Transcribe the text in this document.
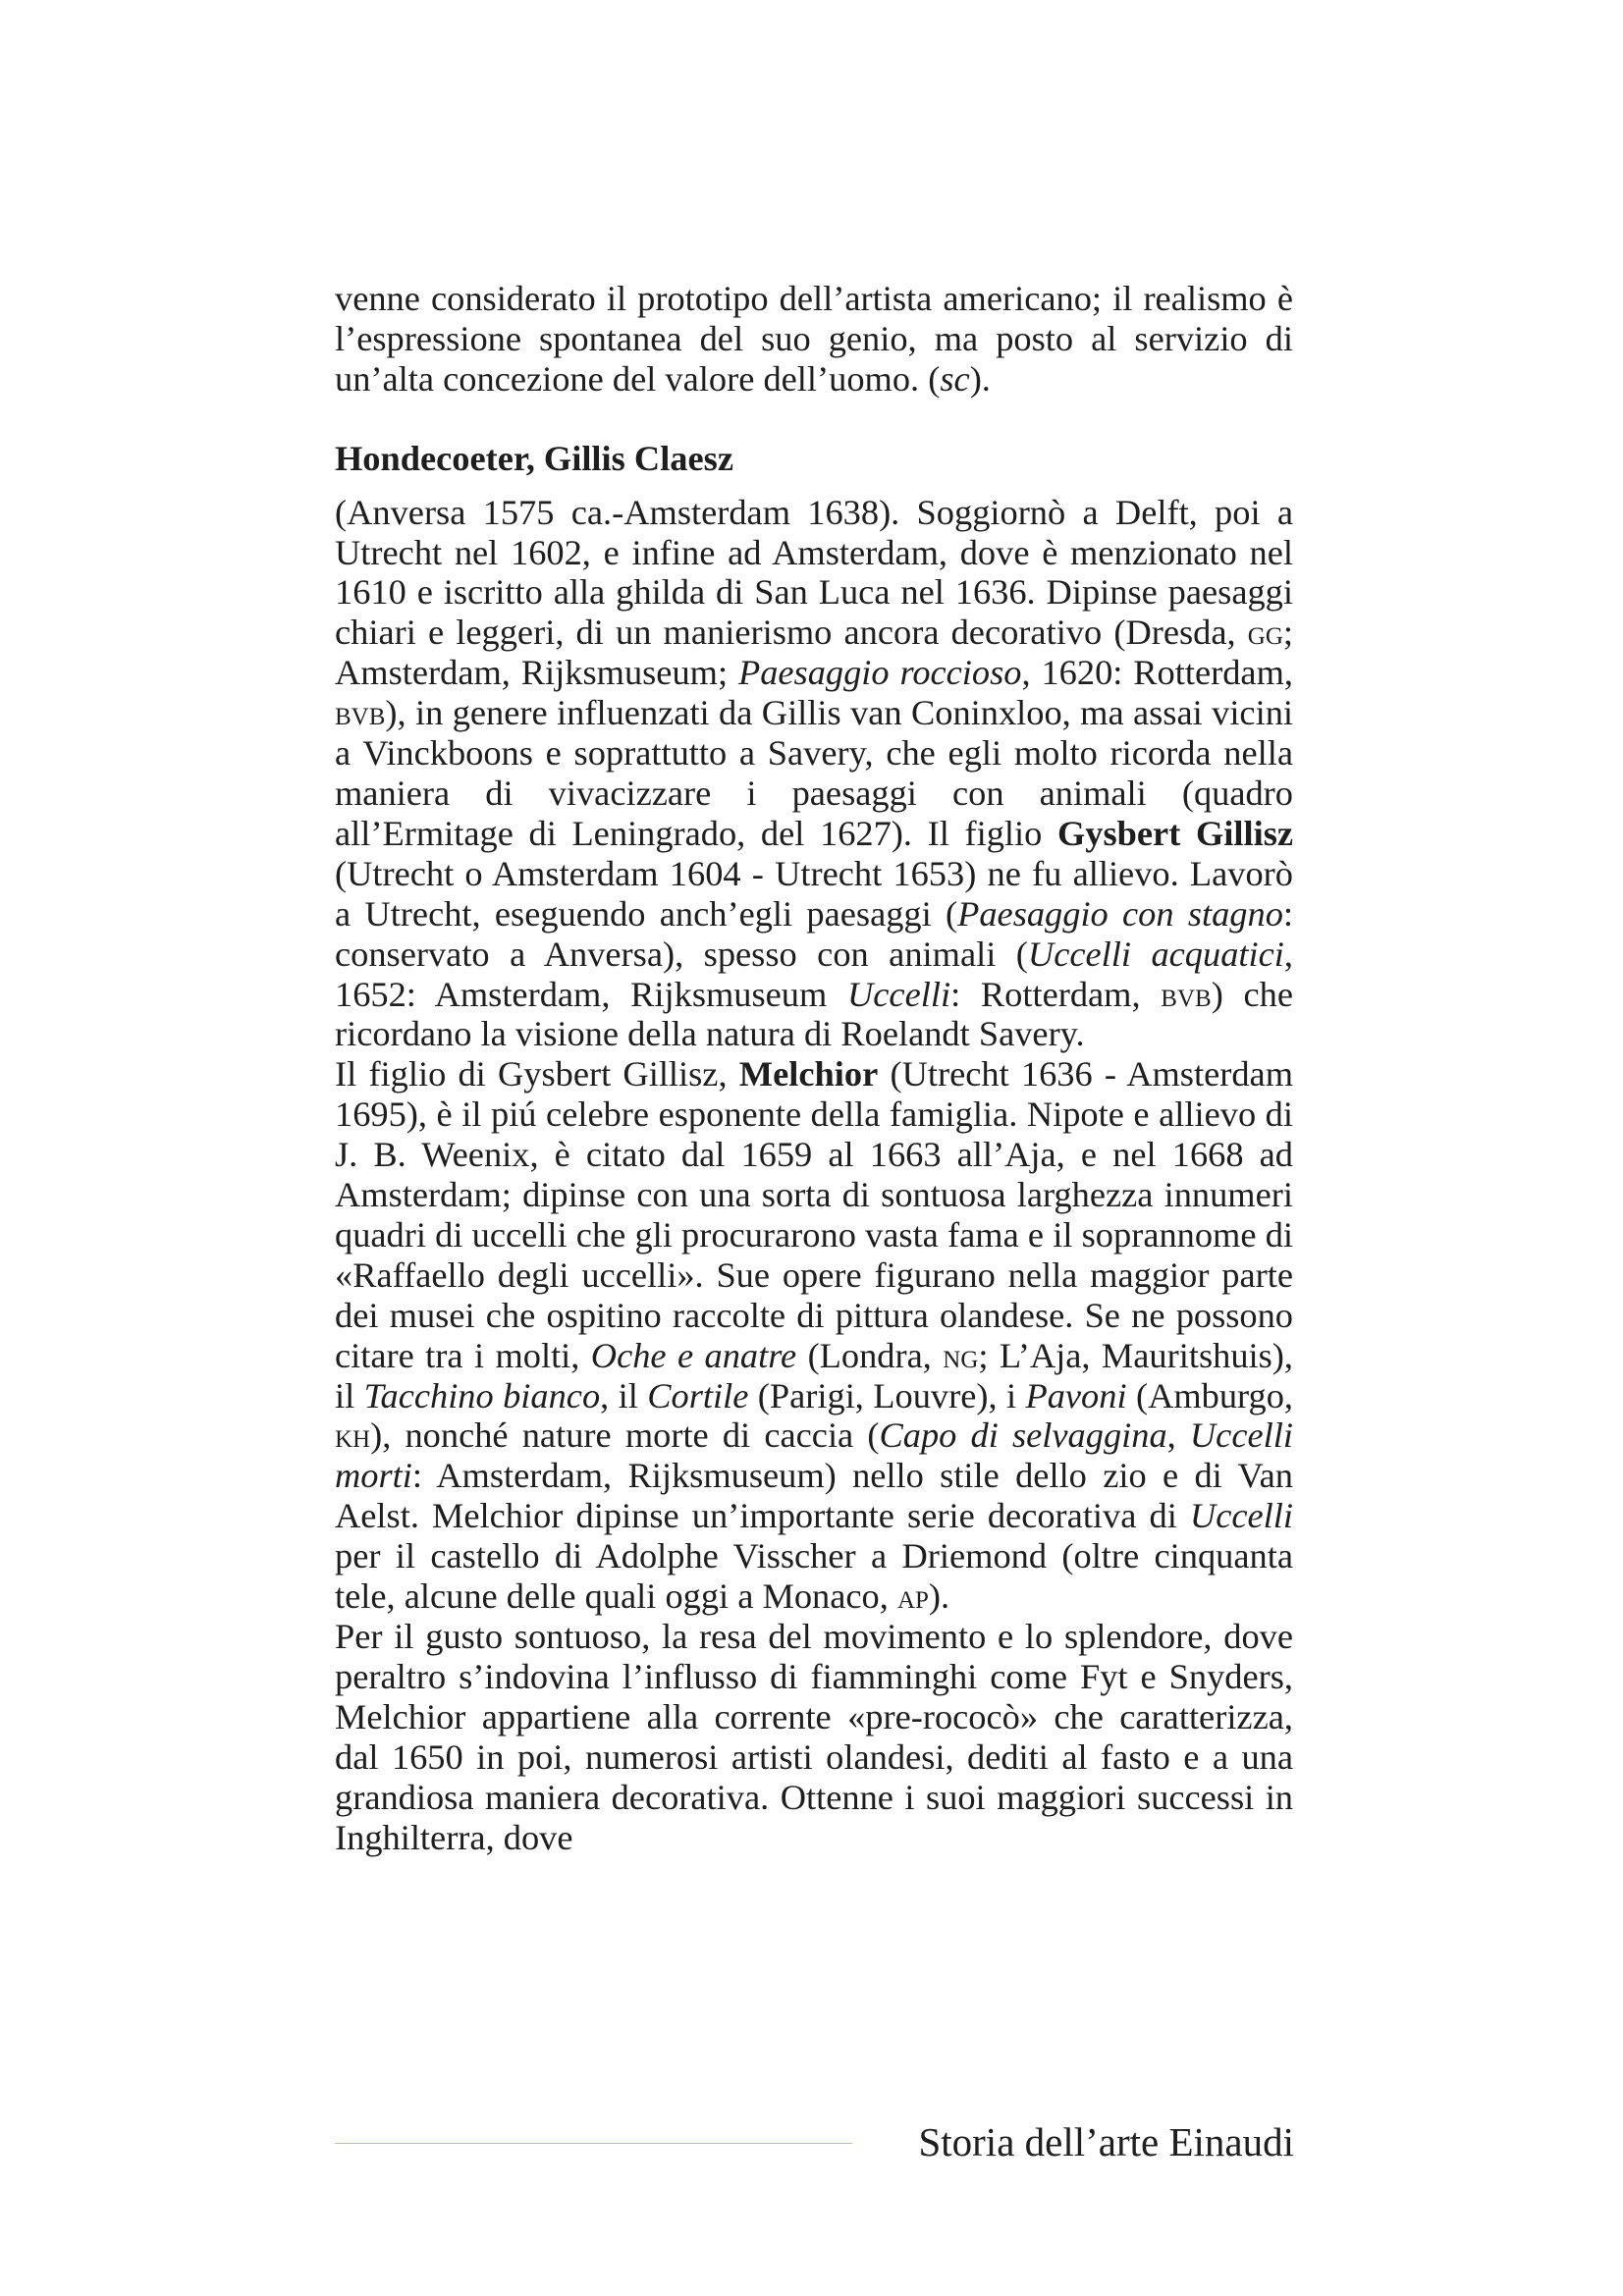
venne considerato il prototipo dell’artista americano; il realismo è l’espressione spontanea del suo genio, ma posto al servizio di un’alta concezione del valore dell’uomo. (sc).

Hondecoeter, Gillis Claesz

(Anversa 1575 ca.-Amsterdam 1638). Soggiornò a Delft, poi a Utrecht nel 1602, e infine ad Amsterdam, dove è menzionato nel 1610 e iscritto alla ghilda di San Luca nel 1636. Dipinse paesaggi chiari e leggeri, di un manierismo ancora decorativo (Dresda, gg; Amsterdam, Rijksmuseum; Paesaggio roccioso, 1620: Rotterdam, bvb), in genere influenzati da Gillis van Coninxloo, ma assai vicini a Vinckboons e soprattutto a Savery, che egli molto ricorda nella maniera di vivacizzare i paesaggi con animali (quadro all’Ermitage di Leningrado, del 1627). Il figlio Gysbert Gillisz (Utrecht o Amsterdam 1604 - Utrecht 1653) ne fu allievo. Lavorò a Utrecht, eseguendo anch’egli paesaggi (Paesaggio con stagno: conservato a Anversa), spesso con animali (Uccelli acquatici, 1652: Amsterdam, Rijksmuseum Uccelli: Rotterdam, bvb) che ricordano la visione della natura di Roelandt Savery.

Il figlio di Gysbert Gillisz, Melchior (Utrecht 1636 - Amsterdam 1695), è il piú celebre esponente della famiglia. Nipote e allievo di J. B. Weenix, è citato dal 1659 al 1663 all’Aja, e nel 1668 ad Amsterdam; dipinse con una sorta di sontuosa larghezza innumeri quadri di uccelli che gli procurarono vasta fama e il soprannome di «Raffaello degli uccelli». Sue opere figurano nella maggior parte dei musei che ospitino raccolte di pittura olandese. Se ne possono citare tra i molti, Oche e anatre (Londra, ng; L’Aja, Mauritshuis), il Tacchino bianco, il Cortile (Parigi, Louvre), i Pavoni (Amburgo, kh), nonché nature morte di caccia (Capo di selvaggina, Uccelli morti: Amsterdam, Rijksmuseum) nello stile dello zio e di Van Aelst. Melchior dipinse un’importante serie decorativa di Uccelli per il castello di Adolphe Visscher a Driemond (oltre cinquanta tele, alcune delle quali oggi a Monaco, ap).

Per il gusto sontuoso, la resa del movimento e lo splendore, dove peraltro s’indovina l’influsso di fiamminghi come Fyt e Snyders, Melchior appartiene alla corrente «pre-rococò» che caratterizza, dal 1650 in poi, numerosi artisti olandesi, dediti al fasto e a una grandiosa maniera decorativa. Ottenne i suoi maggiori successi in Inghilterra, dove

Storia dell’arte Einaudi
